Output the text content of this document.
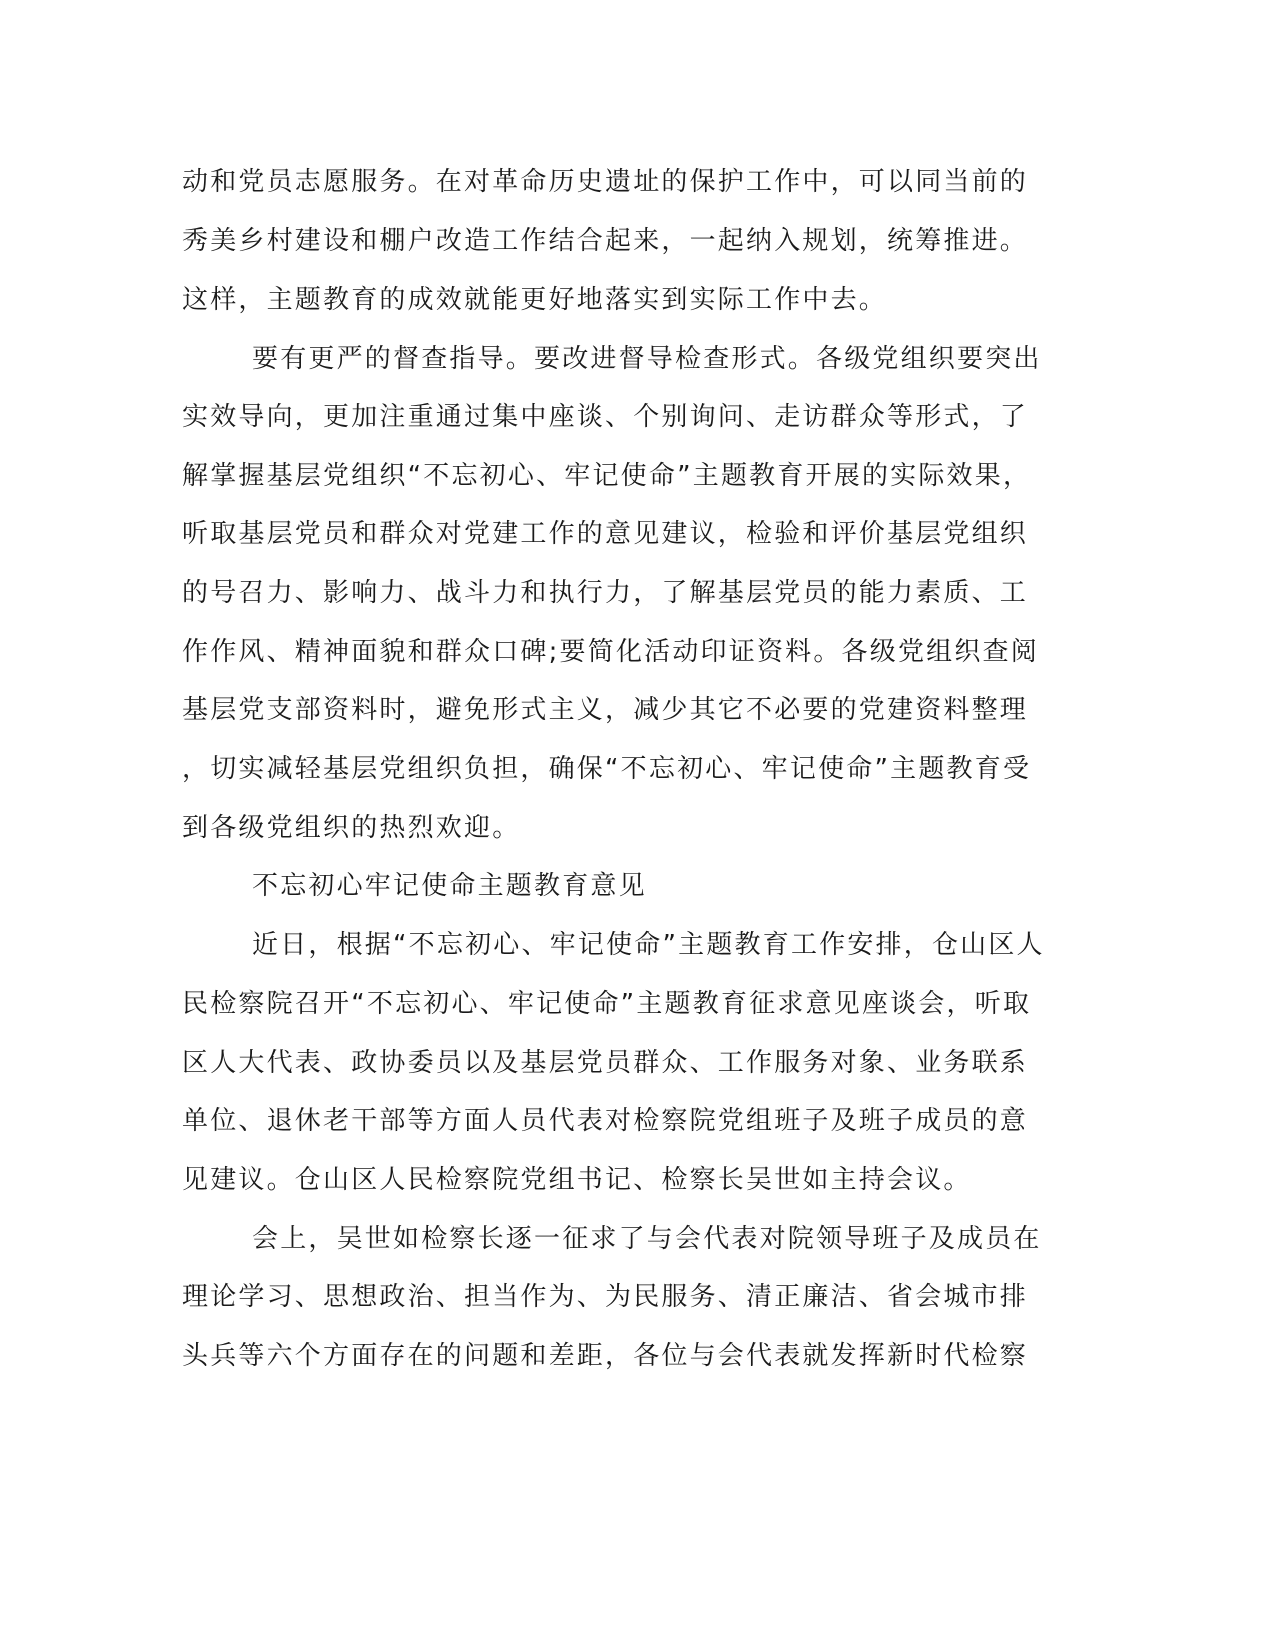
动和党员志愿服务。在对革命历史遗址的保护工作中，可以同当前的
秀美乡村建设和棚户改造工作结合起来，一起纳入规划，统筹推进。
这样，主题教育的成效就能更好地落实到实际工作中去。
要有更严的督查指导。要改进督导检查形式。各级党组织要突出
实效导向，更加注重通过集中座谈、个别询问、走访群众等形式，了
解掌握基层党组织“不忘初心、牢记使命”主题教育开展的实际效果，
听取基层党员和群众对党建工作的意见建议，检验和评价基层党组织
的号召力、影响力、战斗力和执行力，了解基层党员的能力素质、工
作作风、精神面貌和群众口碑;要简化活动印证资料。各级党组织查阅
基层党支部资料时，避免形式主义，减少其它不必要的党建资料整理
，切实减轻基层党组织负担，确保“不忘初心、牢记使命”主题教育受
到各级党组织的热烈欢迎。
不忘初心牢记使命主题教育意见
近日，根据“不忘初心、牢记使命”主题教育工作安排，仓山区人
民检察院召开“不忘初心、牢记使命”主题教育征求意见座谈会，听取
区人大代表、政协委员以及基层党员群众、工作服务对象、业务联系
单位、退休老干部等方面人员代表对检察院党组班子及班子成员的意
见建议。仓山区人民检察院党组书记、检察长吴世如主持会议。
会上，吴世如检察长逐一征求了与会代表对院领导班子及成员在
理论学习、思想政治、担当作为、为民服务、清正廉洁、省会城市排
头兵等六个方面存在的问题和差距，各位与会代表就发挥新时代检察
